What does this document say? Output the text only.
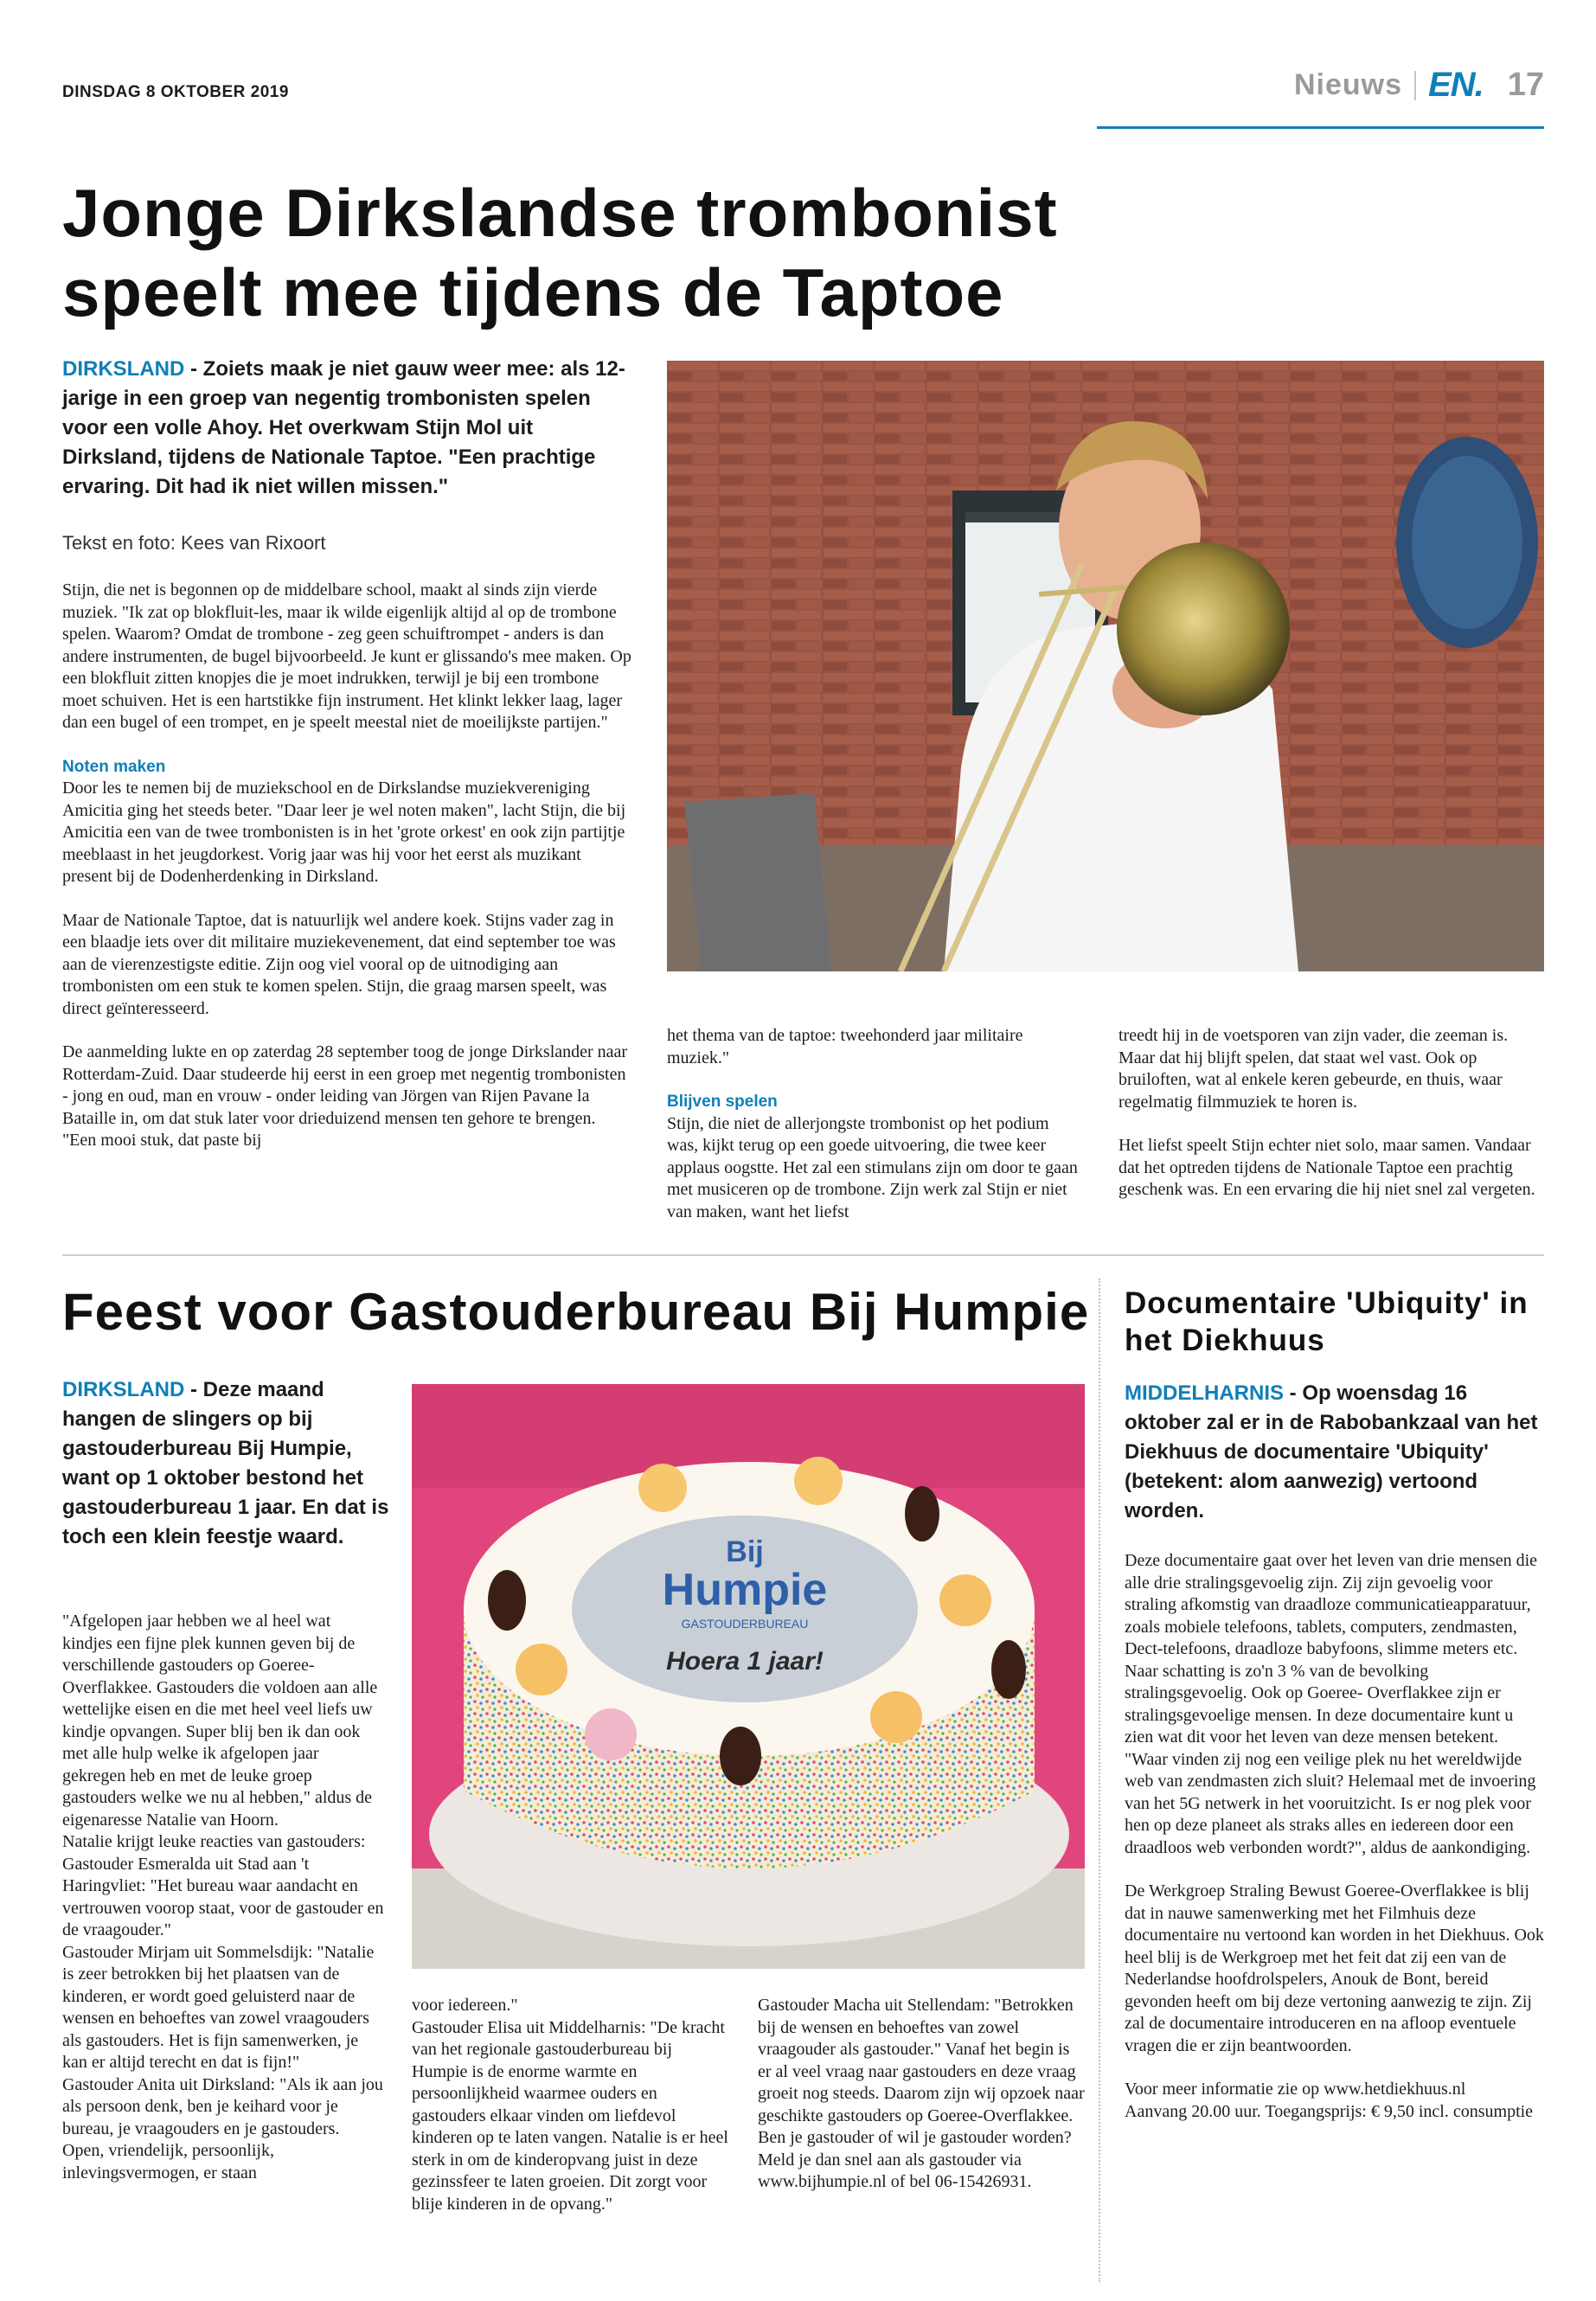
DINSDAG 8 OKTOBER 2019	Nieuws EN. 17
Jonge Dirkslandse trombonist
speelt mee tijdens de Taptoe

DIRKSLAND - Zoiets maak je niet gauw weer mee: als 12-jarige in een groep van negentig trombonisten spelen voor een volle Ahoy. Het overkwam Stijn Mol uit Dirksland, tijdens de Nationale Taptoe. "Een prachtige ervaring. Dit had ik niet willen missen."

Tekst en foto: Kees van Rixoort

Stijn, die net is begonnen op de middelbare school, maakt al sinds zijn vierde muziek. "Ik zat op blokfluit-les, maar ik wilde eigenlijk altijd al op de trombone spelen. Waarom? Omdat de trombone - zeg geen schuiftrompet - anders is dan andere instrumenten, de bugel bijvoorbeeld. Je kunt er glissando's mee maken. Op een blokfluit zitten knopjes die je moet indrukken, terwijl je bij een trombone moet schuiven. Het is een hartstikke fijn instrument. Het klinkt lekker laag, lager dan een bugel of een trompet, en je speelt meestal niet de moeilijkste partijen."

Noten maken

Door les te nemen bij de muziekschool en de Dirkslandse muziekvereniging Amicitia ging het steeds beter. "Daar leer je wel noten maken", lacht Stijn, die bij Amicitia een van de twee trombonisten is in het 'grote orkest' en ook zijn partijtje meeblaast in het jeugdorkest. Vorig jaar was hij voor het eerst als muzikant present bij de Dodenherdenking in Dirksland.

Maar de Nationale Taptoe, dat is natuurlijk wel andere koek. Stijns vader zag in een blaadje iets over dit militaire muziekevenement, dat eind september toe was aan de vierenzestigste editie. Zijn oog viel vooral op de uitnodiging aan trombonisten om een stuk te komen spelen. Stijn, die graag marsen speelt, was direct geïnteresseerd.

De aanmelding lukte en op zaterdag 28 september toog de jonge Dirkslander naar Rotterdam-Zuid. Daar studeerde hij eerst in een groep met negentig trombonisten - jong en oud, man en vrouw - onder leiding van Jörgen van Rijen Pavane la Bataille in, om dat stuk later voor drieduizend mensen ten gehore te brengen. "Een mooi stuk, dat paste bij

het thema van de taptoe: tweehonderd jaar militaire muziek."

Blijven spelen

Stijn, die niet de allerjongste trombonist op het podium was, kijkt terug op een goede uitvoering, die twee keer applaus oogstte. Het zal een stimulans zijn om door te gaan met musiceren op de trombone. Zijn werk zal Stijn er niet van maken, want het liefst

treedt hij in de voetsporen van zijn vader, die zeeman is. Maar dat hij blijft spelen, dat staat wel vast. Ook op bruiloften, wat al enkele keren gebeurde, en thuis, waar regelmatig filmmuziek te horen is.

Het liefst speelt Stijn echter niet solo, maar samen. Vandaar dat het optreden tijdens de Nationale Taptoe een prachtig geschenk was. En een ervaring die hij niet snel zal vergeten.

Feest voor Gastouderbureau Bij Humpie

DIRKSLAND - Deze maand hangen de slingers op bij gastouderbureau Bij Humpie, want op 1 oktober bestond het gastouderbureau 1 jaar. En dat is toch een klein feestje waard.

"Afgelopen jaar hebben we al heel wat kindjes een fijne plek kunnen geven bij de verschillende gastouders op Goeree-Overflakkee. Gastouders die voldoen aan alle wettelijke eisen en die met heel veel liefs uw kindje opvangen. Super blij ben ik dan ook met alle hulp welke ik afgelopen jaar gekregen heb en met de leuke groep gastouders welke we nu al hebben," aldus de eigenaresse Natalie van Hoorn.
Natalie krijgt leuke reacties van gastouders:
Gastouder Esmeralda uit Stad aan 't Haringvliet: "Het bureau waar aandacht en vertrouwen voorop staat, voor de gastouder en de vraagouder."
Gastouder Mirjam uit Sommelsdijk: "Natalie is zeer betrokken bij het plaatsen van de kinderen, er wordt goed geluisterd naar de wensen en behoeftes van zowel vraagouders als gastouders. Het is fijn samenwerken, je kan er altijd terecht en dat is fijn!"
Gastouder Anita uit Dirksland: "Als ik aan jou als persoon denk, ben je keihard voor je bureau, je vraagouders en je gastouders. Open, vriendelijk, persoonlijk, inlevingsvermogen, er staan
Bij
Humpie
GASTOUDERBUREAU
Hoera 1 jaar!
voor iedereen."
Gastouder Elisa uit Middelharnis: "De kracht van het regionale gastouderbureau bij Humpie is de enorme warmte en persoonlijkheid waarmee ouders en gastouders elkaar vinden om liefdevol kinderen op te laten vangen. Natalie is er heel sterk in om de kinderopvang juist in deze gezinssfeer te laten groeien. Dit zorgt voor blije kinderen in de opvang."
Gastouder Macha uit Stellendam: "Betrokken bij de wensen en behoeftes van zowel vraagouder als gastouder." Vanaf het begin is er al veel vraag naar gastouders en deze vraag groeit nog steeds. Daarom zijn wij opzoek naar geschikte gastouders op Goeree-Overflakkee. Ben je gastouder of wil je gastouder worden? Meld je dan snel aan als gastouder via www.bijhumpie.nl of bel 06-15426931.
Documentaire 'Ubiquity' in het Diekhuus

MIDDELHARNIS - Op woensdag 16 oktober zal er in de Rabobankzaal van het Diekhuus de documentaire 'Ubiquity' (betekent: alom aanwezig) vertoond worden.

Deze documentaire gaat over het leven van drie mensen die alle drie stralingsgevoelig zijn. Zij zijn gevoelig voor straling afkomstig van draadloze communicatieapparatuur, zoals mobiele telefoons, tablets, computers, zendmasten, Dect-telefoons, draadloze babyfoons, slimme meters etc. Naar schatting is zo'n 3 % van de bevolking stralingsgevoelig. Ook op Goeree- Overflakkee zijn er stralingsgevoelige mensen. In deze documentaire kunt u zien wat dit voor het leven van deze mensen betekent.
"Waar vinden zij nog een veilige plek nu het wereldwijde web van zendmasten zich sluit? Helemaal met de invoering van het 5G netwerk in het vooruitzicht. Is er nog plek voor hen op deze planeet als straks alles en iedereen door een draadloos web verbonden wordt?", aldus de aankondiging.

De Werkgroep Straling Bewust Goeree-Overflakkee is blij dat in nauwe samenwerking met het Filmhuis deze documentaire nu vertoond kan worden in het Diekhuus. Ook heel blij is de Werkgroep met het feit dat zij een van de Nederlandse hoofdrolspelers, Anouk de Bont, bereid gevonden heeft om bij deze vertoning aanwezig te zijn. Zij zal de documentaire introduceren en na afloop eventuele vragen die er zijn beantwoorden.

Voor meer informatie zie op www.hetdiekhuus.nl
Aanvang 20.00 uur. Toegangsprijs: € 9,50 incl. consumptie
